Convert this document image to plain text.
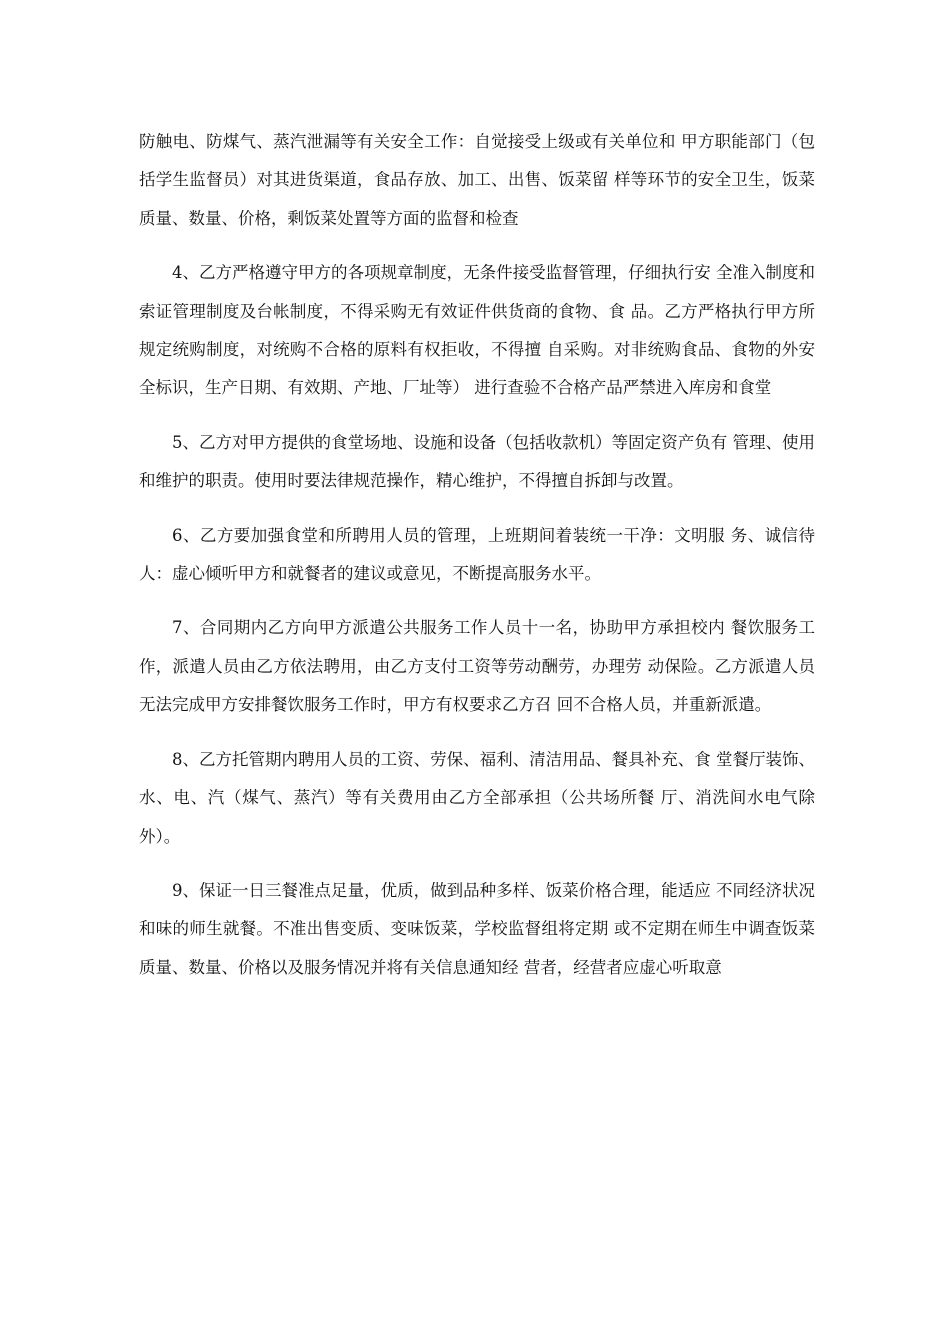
防触电、防煤气、蒸汽泄漏等有关安全工作：自觉接受上级或有关单位和 甲方职能部门（包括学生监督员）对其进货渠道，食品存放、加工、出售、饭菜留 样等环节的安全卫生，饭菜质量、数量、价格，剩饭菜处置等方面的监督和检查

4、乙方严格遵守甲方的各项规章制度，无条件接受监督管理，仔细执行安 全准入制度和索证管理制度及台帐制度，不得采购无有效证件供货商的食物、食 品。乙方严格执行甲方所规定统购制度，对统购不合格的原料有权拒收，不得擅 自采购。对非统购食品、食物的外安全标识，生产日期、有效期、产地、厂址等） 进行查验不合格产品严禁进入库房和食堂

5、乙方对甲方提供的食堂场地、设施和设备（包括收款机）等固定资产负有 管理、使用和维护的职责。使用时要法律规范操作，精心维护，不得擅自拆卸与改置。

6、乙方要加强食堂和所聘用人员的管理，上班期间着装统一干净：文明服 务、诚信待人：虚心倾听甲方和就餐者的建议或意见，不断提高服务水平。

7、合同期内乙方向甲方派遣公共服务工作人员十一名，协助甲方承担校内 餐饮服务工作，派遣人员由乙方依法聘用，由乙方支付工资等劳动酬劳，办理劳 动保险。乙方派遣人员无法完成甲方安排餐饮服务工作时，甲方有权要求乙方召 回不合格人员，并重新派遣。

8、乙方托管期内聘用人员的工资、劳保、福利、清洁用品、餐具补充、食 堂餐厅装饰、水、电、汽（煤气、蒸汽）等有关费用由乙方全部承担（公共场所餐 厅、消洗间水电气除外）。

9、保证一日三餐准点足量，优质，做到品种多样、饭菜价格合理，能适应 不同经济状况和味的师生就餐。不准出售变质、变味饭菜，学校监督组将定期 或不定期在师生中调查饭菜质量、数量、价格以及服务情况并将有关信息通知经 营者，经营者应虚心听取意
